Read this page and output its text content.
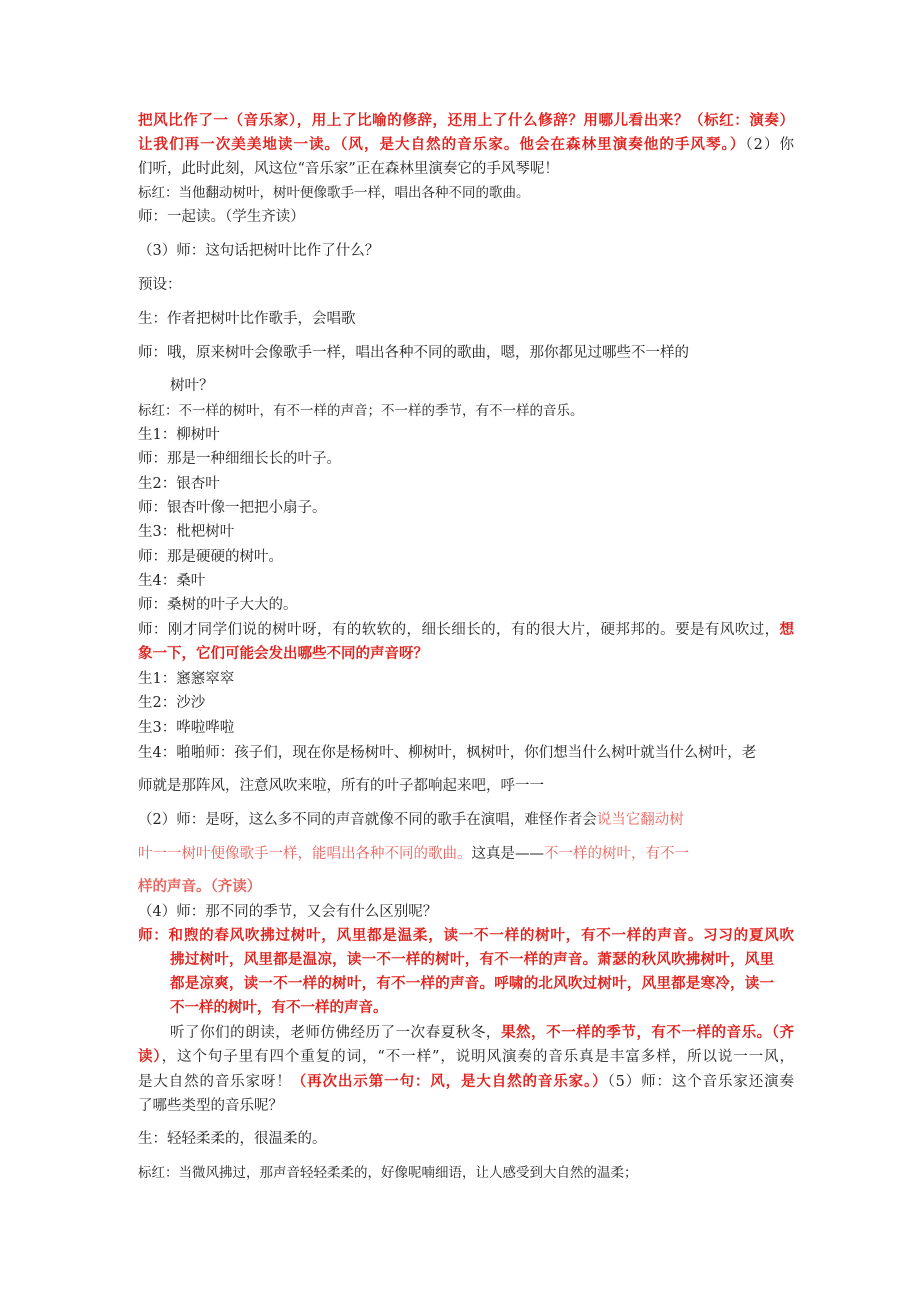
把风比作了一（音乐家），用上了比喻的修辞，还用上了什么修辞？用哪儿看出来？（标红：演奏）
让我们再一次美美地读一读。（风，是大自然的音乐家。他会在森林里演奏他的手风琴。）（2）你
们听，此时此刻，风这位“音乐家”正在森林里演奏它的手风琴呢！
标红：当他翻动树叶，树叶便像歌手一样，唱出各种不同的歌曲。
师：一起读。（学生齐读）
（3）师：这句话把树叶比作了什么？
预设：
生：作者把树叶比作歌手，会唱歌
师：哦，原来树叶会像歌手一样，唱出各种不同的歌曲，嗯，那你都见过哪些不一样的
树叶？
标红：不一样的树叶，有不一样的声音；不一样的季节，有不一样的音乐。
生1：柳树叶
师：那是一种细细长长的叶子。
生2：银杏叶
师：银杏叶像一把把小扇子。
生3：枇杷树叶
师：那是硬硬的树叶。
生4：桑叶
师：桑树的叶子大大的。
师：刚才同学们说的树叶呀，有的软软的，细长细长的，有的很大片，硬邦邦的。要是有风吹过，想
象一下，它们可能会发出哪些不同的声音呀？
生1：窸窸窣窣
生2：沙沙
生3：哗啦哗啦
生4：啪啪师：孩子们，现在你是杨树叶、柳树叶，枫树叶，你们想当什么树叶就当什么树叶，老
师就是那阵风，注意风吹来啦，所有的叶子都响起来吧，呼一一
（2）师：是呀，这么多不同的声音就像不同的歌手在演唱，难怪作者会说当它翻动树
叶一一树叶便像歌手一样，能唱出各种不同的歌曲。这真是——不一样的树叶，有不一
样的声音。（齐读）
（4）师：那不同的季节，又会有什么区别呢？
师：和煦的春风吹拂过树叶，风里都是温柔，读一不一样的树叶，有不一样的声音。习习的夏风吹
拂过树叶，风里都是温凉，读一不一样的树叶，有不一样的声音。萧瑟的秋风吹拂树叶，风里
都是凉爽，读一不一样的树叶，有不一样的声音。呼啸的北风吹过树叶，风里都是寒冷，读一
不一样的树叶，有不一样的声音。
听了你们的朗读，老师仿佛经历了一次春夏秋冬，果然，不一样的季节，有不一样的音乐。（齐
读），这个句子里有四个重复的词，“不一样”，说明风演奏的音乐真是丰富多样，所以说一一风，
是大自然的音乐家呀！（再次出示第一句：风，是大自然的音乐家。）（5）师：这个音乐家还演奏
了哪些类型的音乐呢？
生：轻轻柔柔的，很温柔的。
标红：当微风拂过，那声音轻轻柔柔的，好像呢喃细语，让人感受到大自然的温柔；
